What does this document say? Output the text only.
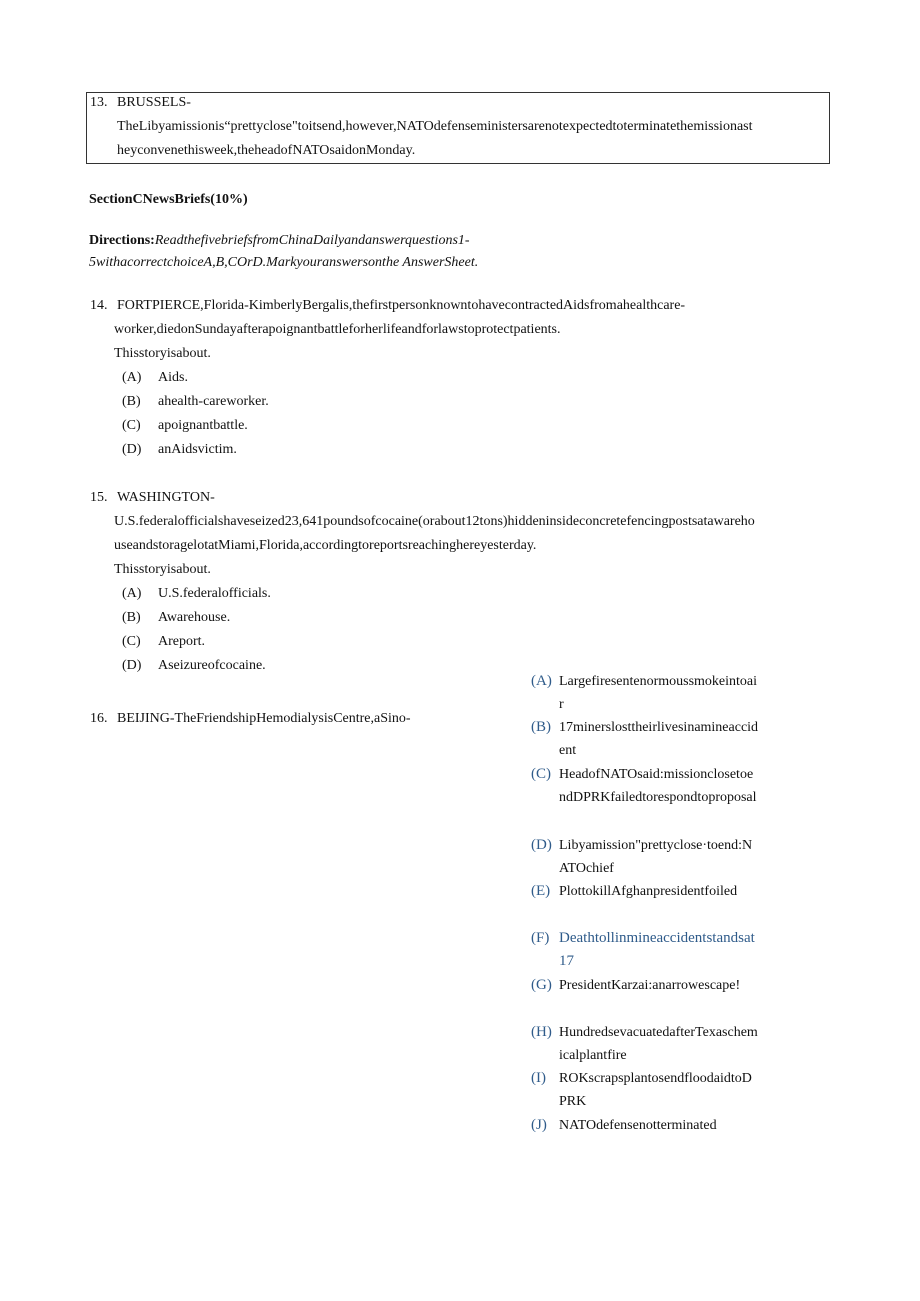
13. BRUSSELS-
TheLibyamissionis“prettyclose"toitsend,however,NATOdefenseministersarenotexpectedtoterminatethemissionast
heyconvenethisweek,theheadofNATOsaidonMonday.
SectionCNewsBriefs(10%)
Directions:ReadthefivebriefsfromChinaDailyandanswerquestions1-
5withacorrectchoiceA,B,COrD.Markyouranswersonthe AnswerSheet.
14. FORTPIERCE,Florida-KimberlyBergalis,thefirstpersonknowntohavecontractedAidsfromahealthcare-
worker,diedonSundayafterapoignantbattleforherlifeandforlawstoprotectpatients.
Thisstoryisabout.
(A) Aids.
(B) ahealth-careworker.
(C) apoignantbattle.
(D) anAidsvictim.
15. WASHINGTON-
U.S.federalofficialshaveseized23,641poundsofcocaine(orabout12tons)hiddeninsideconcretefencingpostsatawareho
useandstoragelotatMiami,Florida,accordingtoreportsreachinghereyesterday.
Thisstoryisabout.
(A) U.S.federalofficials.
(B) Awarehouse.
(C) Areport.
(D) Aseizureofcocaine.
16. BEIJING-TheFriendshipHemodialysisCentre,aSino-
(A) Largefiresentenormoussmokeintoair
(B) 17minerslosttheirlivesinamineaccident
(C) HeadofNATOsaid:missionclosetoendDPRKfailedtorespondtoproposal
(D) Libyamission"prettyclose·toend:NATOchief
(E) PlottokillAfghanpresidentfoiled
(F) Deathtollinmineaccidentstandsat17
(G) PresidentKarzai:anarrowescape!
(H) HundredsevacuatedafterTexaschemicalplantfire
(I) ROKscrapsplantosendfloodaidtoDPRK
(J) NATOdefensenotterminated
